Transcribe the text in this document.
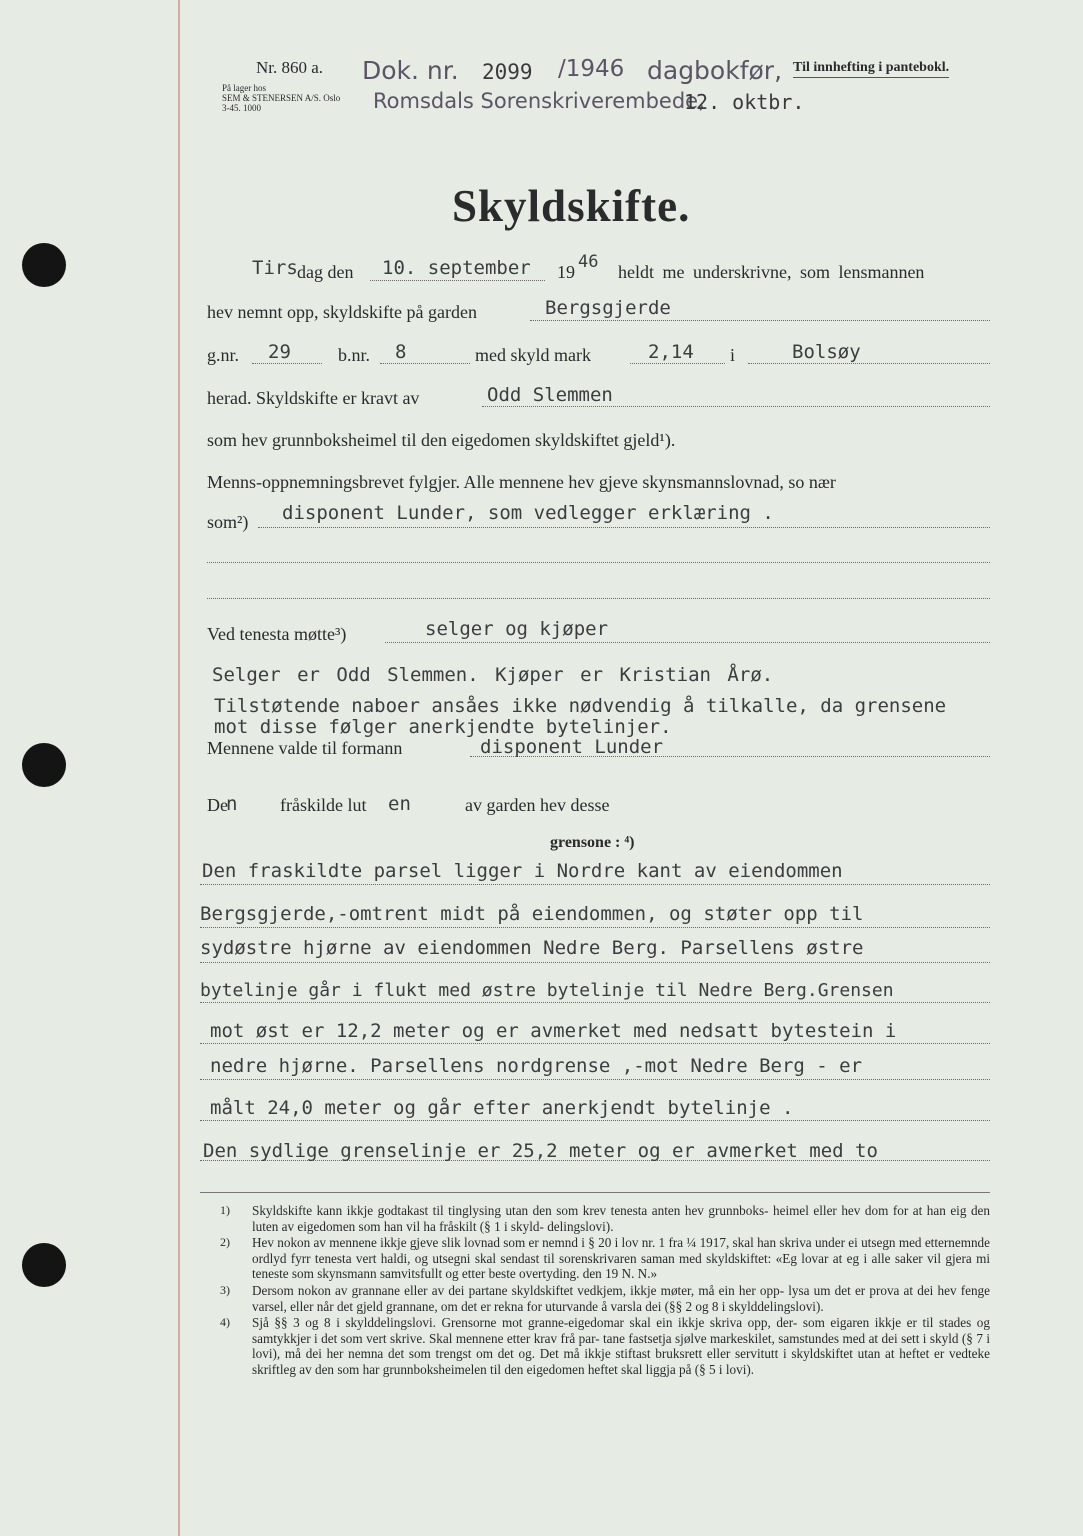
Nr. 860 a.
På lager hos
SEM & STENERSEN A/S. Oslo
3-45. 1000
Dok. nr. 2099 /1946 dagbokfør,
Romsdals Sorenskriverembede,
12. oktbr.
Til innhefting i pantebokl.
Skyldskifte.
Tirs dag den 10. september 19 46 heldt me underskrivne, som lensmannen
hev nemnt opp, skyldskifte på garden	Bergsgjerde
g.nr. 29	b.nr. 8	med skyld mark	2,14 i	Bolsøy
herad. Skyldskifte er kravt av	Odd Slemmen
som hev grunnboksheimel til den eigedomen skyldskiftet gjeld¹).
Menns-oppnemningsbrevet fylgjer. Alle mennene hev gjeve skynsmannslovnad, so nær
som²) disponent Lunder, som vedlegger erklæring .
Ved tenesta møtte³)	selger og kjøper
Selger er Odd Slemmen. Kjøper er Kristian Årø.
Tilstøtende naboer ansåes ikke nødvendig å tilkalle, da grensene
mot disse følger anerkjendte bytelinjer.
Mennene valde til formann	disponent Lunder
De
n fråskilde lut en	av garden hev desse
grensone : ⁴)
Den fraskildte parsel ligger i Nordre kant av eiendommen
Bergsgjerde,-omtrent midt på eiendommen, og støter opp til
sydøstre hjørne av eiendommen Nedre Berg. Parsellens østre
bytelinje går i flukt med østre bytelinje til Nedre Berg.Grensen
mot øst er 12,2 meter og er avmerket med nedsatt bytestein i
nedre hjørne. Parsellens nordgrense ,-mot Nedre Berg - er
målt 24,0 meter og går efter anerkjendt bytelinje .
Den sydlige grenselinje er 25,2 meter og er avmerket med to
1)	Skyldskifte kann ikkje godtakast til tinglysing utan den som krev tenesta anten hev grunnboks- heimel eller hev dom for at han eig den luten av eigedomen som han vil ha fråskilt (§ 1 i skyld- delingslovi).
2)	Hev nokon av mennene ikkje gjeve slik lovnad som er nemnd i § 20 i lov nr. 1 fra ¼ 1917, skal han skriva under ei utsegn med etternemnde ordlyd fyrr tenesta vert haldi, og utsegni skal sendast til sorenskrivaren saman med skyldskiftet: «Eg lovar at eg i alle saker vil gjera mi teneste som skynsmann samvitsfullt og etter beste overtyding. den 19 N. N.»
3)	Dersom nokon av grannane eller av dei partane skyldskiftet vedkjem, ikkje møter, må ein her opp- lysa um det er prova at dei hev fenge varsel, eller når det gjeld grannane, om det er rekna for uturvande å varsla dei (§§ 2 og 8 i skylddelingslovi).
4)	Sjå §§ 3 og 8 i skylddelingslovi. Grensorne mot granne-eigedomar skal ein ikkje skriva opp, der- som eigaren ikkje er til stades og samtykkjer i det som vert skrive. Skal mennene etter krav frå par- tane fastsetja sjølve markeskilet, samstundes med at dei sett i skyld (§ 7 i lovi), må dei her nemna det som trengst om det og. Det må ikkje stiftast bruksrett eller servitutt i skyldskiftet utan at heftet er vedteke skriftleg av den som har grunnboksheimelen til den eigedomen heftet skal liggja på (§ 5 i lovi).
